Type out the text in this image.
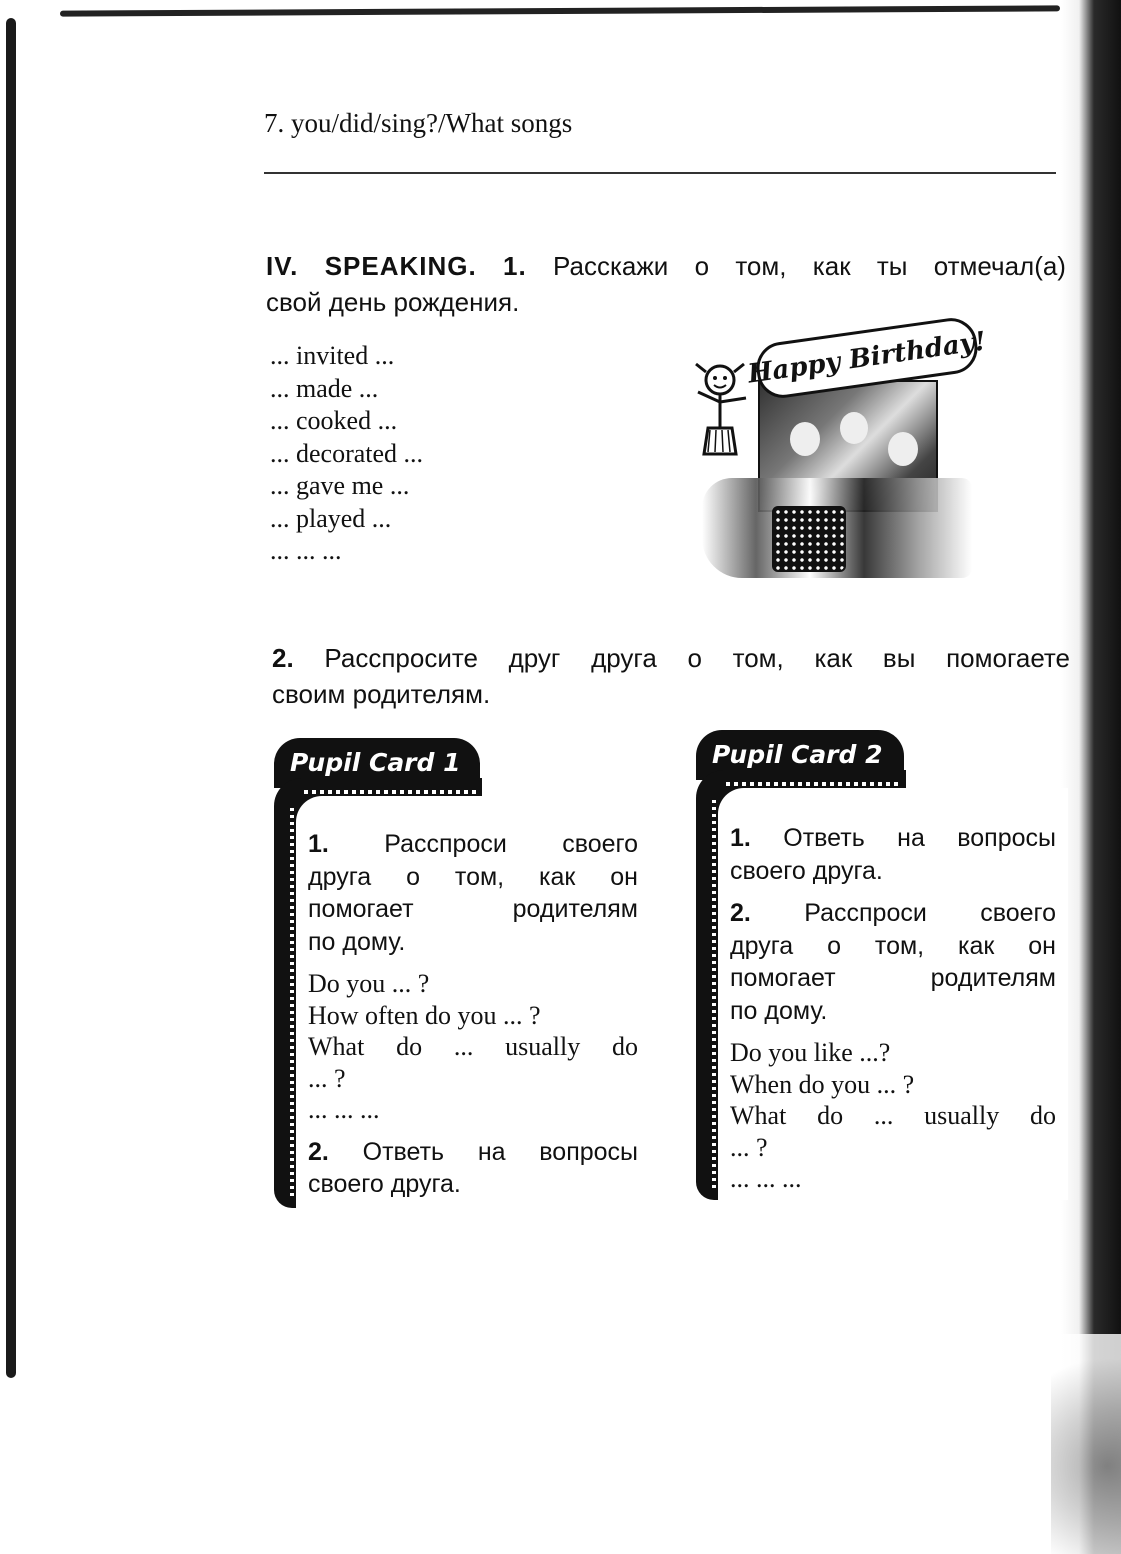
7. you/did/sing?/What songs
IV. SPEAKING. 1. Расскажи о том, как ты отмечал(а)
свой день рождения.
... invited ...
... made ...
... cooked ...
... decorated ...
... gave me ...
... played ...
... ... ...
Happy Birthday!
2. Расспросите друг друга о том, как вы помогаете
своим родителям.
Pupil Card 1

1. Расспроси своего

друга о том, как он

помогает родителям

по дому.

Do you ... ?

How often do you ... ?

What do ... usually do

... ?

... ... ...

2. Ответь на вопросы

своего друга.

Pupil Card 2

1. Ответь на вопросы

своего друга.

2. Расспроси своего

друга о том, как он

помогает родителям

по дому.

Do you like ...?

When do you ... ?

What do ... usually do

... ?

... ... ...
